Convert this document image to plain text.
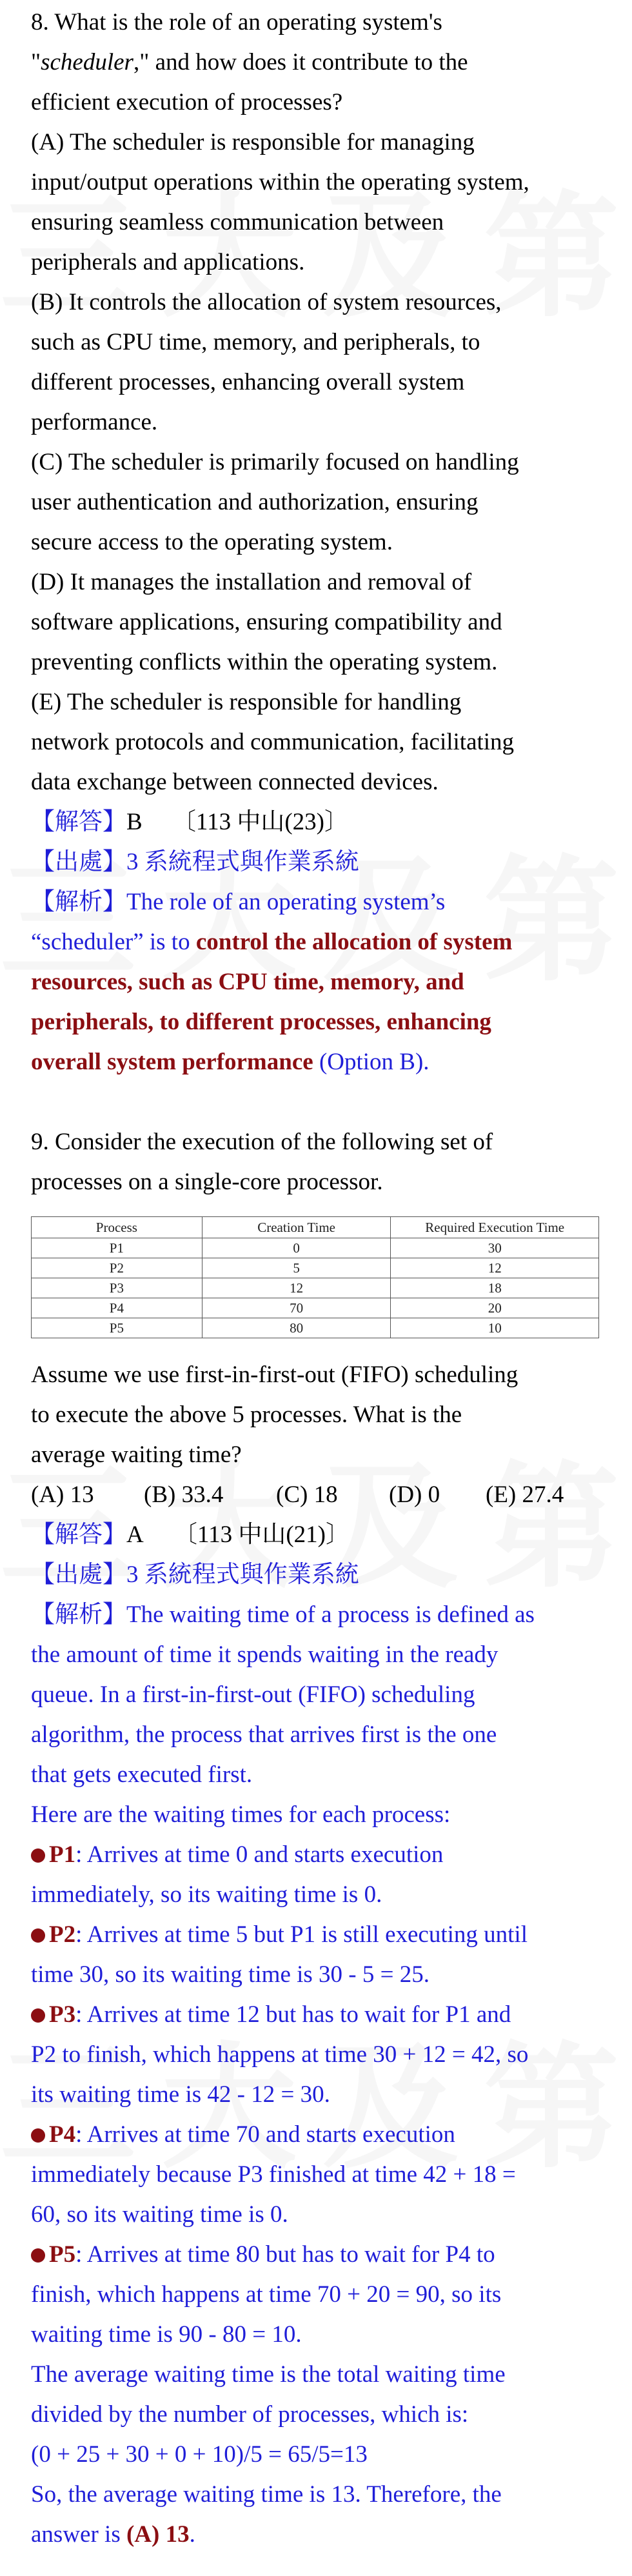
8. What is the role of an operating system's
"scheduler," and how does it contribute to the
efficient execution of processes?
(A) The scheduler is responsible for managing
input/output operations within the operating system,
ensuring seamless communication between
peripherals and applications.
(B) It controls the allocation of system resources,
such as CPU time, memory, and peripherals, to
different processes, enhancing overall system
performance.
(C) The scheduler is primarily focused on handling
user authentication and authorization, ensuring
secure access to the operating system.
(D) It manages the installation and removal of
software applications, ensuring compatibility and
preventing conflicts within the operating system.
(E) The scheduler is responsible for handling
network protocols and communication, facilitating
data exchange between connected devices.
【解答】B 〔113 中山(23)〕
【出處】3 系統程式與作業系統
【解析】The role of an operating system’s
“scheduler” is to control the allocation of system
resources, such as CPU time, memory, and
peripherals, to different processes, enhancing
overall system performance (Option B).
9. Consider the execution of the following set of
processes on a single-core processor.
Process	Creation Time	Required Execution Time
P1	0	30
P2	5	12
P3	12	18
P4	70	20
P5	80	10
Assume we use first-in-first-out (FIFO) scheduling
to execute the above 5 processes. What is the
average waiting time?
(A) 13 (B) 33.4 (C) 18 (D) 0 (E) 27.4
【解答】A 〔113 中山(21)〕
【出處】3 系統程式與作業系統
【解析】The waiting time of a process is defined as
the amount of time it spends waiting in the ready
queue. In a first-in-first-out (FIFO) scheduling
algorithm, the process that arrives first is the one
that gets executed first.
Here are the waiting times for each process:
P1: Arrives at time 0 and starts execution
immediately, so its waiting time is 0.
P2: Arrives at time 5 but P1 is still executing until
time 30, so its waiting time is 30 - 5 = 25.
P3: Arrives at time 12 but has to wait for P1 and
P2 to finish, which happens at time 30 + 12 = 42, so
its waiting time is 42 - 12 = 30.
P4: Arrives at time 70 and starts execution
immediately because P3 finished at time 42 + 18 =
60, so its waiting time is 0.
P5: Arrives at time 80 but has to wait for P4 to
finish, which happens at time 70 + 20 = 90, so its
waiting time is 90 - 80 = 10.
The average waiting time is the total waiting time
divided by the number of processes, which is:
(0 + 25 + 30 + 0 + 10)/5 = 65/5=13
So, the average waiting time is 13. Therefore, the
answer is (A) 13.
